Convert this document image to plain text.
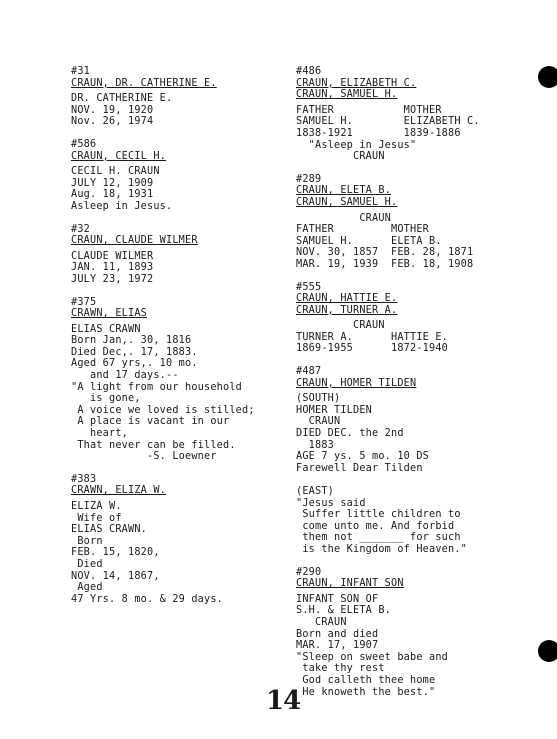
#31
CRAUN, DR. CATHERINE E.
DR. CATHERINE E.
NOV. 19, 1920
Nov. 26, 1974
#586
CRAUN, CECIL H.
CECIL H. CRAUN
JULY 12, 1909
Aug. 18, 1931
Asleep in Jesus.
#32
CRAUN, CLAUDE WILMER
CLAUDE WILMER
JAN. 11, 1893
JULY 23, 1972
#375
CRAWN, ELIAS
ELIAS CRAWN
Born Jan,. 30, 1816
Died Dec,. 17, 1883.
Aged 67 yrs,. 10 mo.
and 17 days.--
"A light from our household
is gone,
A voice we loved is stilled;
A place is vacant in our
heart,
That never can be filled.
-S. Loewner
#383
CRAWN, ELIZA W.
ELIZA W.
Wife of
ELIAS CRAWN.
Born
FEB. 15, 1820,
Died
NOV. 14, 1867,
Aged
47 Yrs. 8 mo. & 29 days.
#486
CRAUN, ELIZABETH C.
CRAUN, SAMUEL H.
FATHER           MOTHER
SAMUEL H.        ELIZABETH C.
1838-1921        1839-1886
"Asleep in Jesus"
CRAUN
#289
CRAUN, ELETA B.
CRAUN, SAMUEL H.
CRAUN
FATHER         MOTHER
SAMUEL H.      ELETA B.
NOV. 30, 1857  FEB. 28, 1871
MAR. 19, 1939  FEB. 18, 1908
#555
CRAUN, HATTIE E.
CRAUN, TURNER A.
CRAUN
TURNER A.      HATTIE E.
1869-1955      1872-1940
#487
CRAUN, HOMER TILDEN
(SOUTH)
HOMER TILDEN
CRAUN
DIED DEC. the 2nd
1883
AGE 7 ys. 5 mo. 10 DS
Farewell Dear Tilden
(EAST)
"Jesus said
Suffer little children to
come unto me. And forbid
them not _______ for such
is the Kingdom of Heaven."
#290
CRAUN, INFANT SON
INFANT SON OF
S.H. & ELETA B.
CRAUN
Born and died
MAR. 17, 1907
"Sleep on sweet babe and
take thy rest
God calleth thee home
He knoweth the best."
14
